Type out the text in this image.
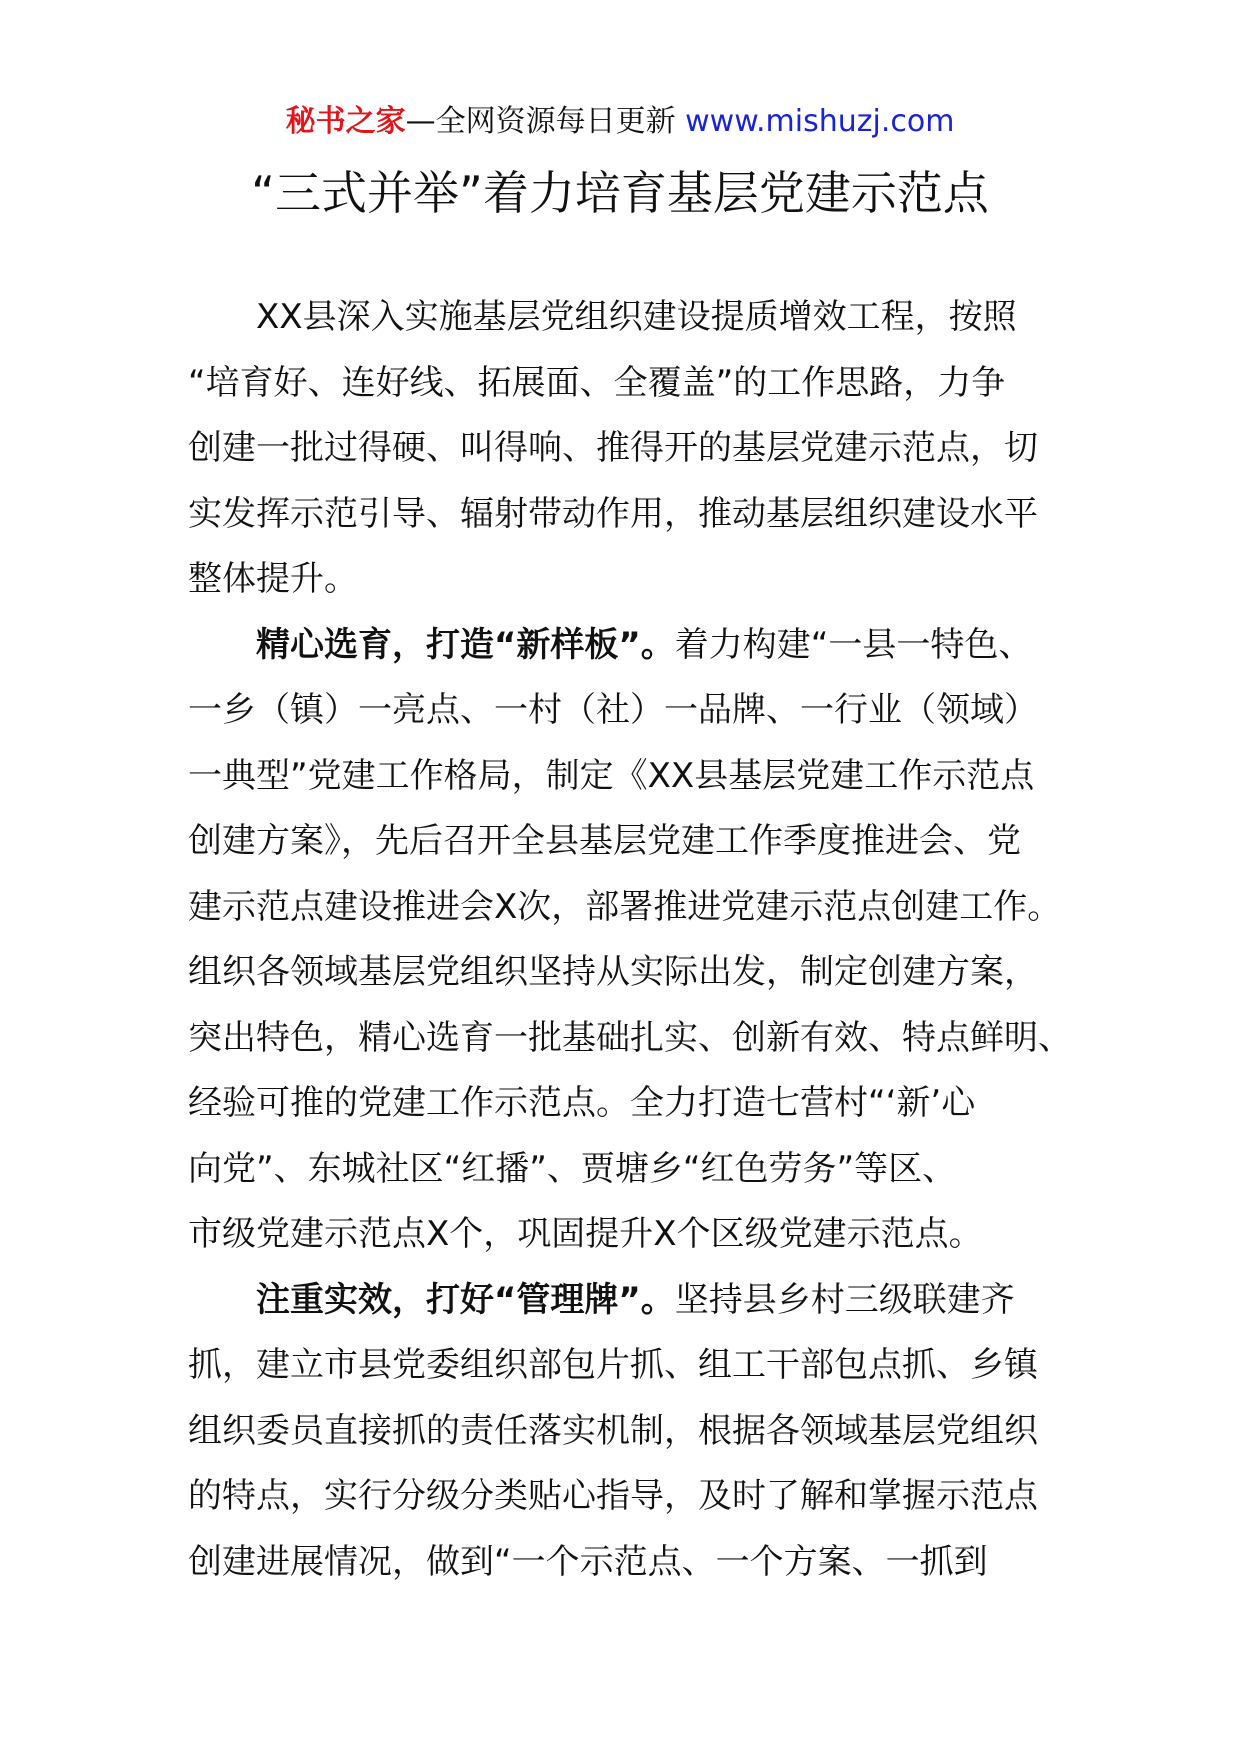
秘书之家—全网资源每日更新 www.mishuzj.com
“三式并举”着力培育基层党建示范点
XX县深入实施基层党组织建设提质增效工程，按照
“培育好、连好线、拓展面、全覆盖”的工作思路，力争
创建一批过得硬、叫得响、推得开的基层党建示范点，切
实发挥示范引导、辐射带动作用，推动基层组织建设水平
整体提升。
精心选育，打造“新样板”。着力构建“一县一特色、
一乡（镇）一亮点、一村（社）一品牌、一行业（领域）
一典型”党建工作格局，制定《XX县基层党建工作示范点
创建方案》，先后召开全县基层党建工作季度推进会、党
建示范点建设推进会X次，部署推进党建示范点创建工作。
组织各领域基层党组织坚持从实际出发，制定创建方案，
突出特色，精心选育一批基础扎实、创新有效、特点鲜明、
经验可推的党建工作示范点。全力打造七营村“‘新’心
向党”、东城社区“红播”、贾塘乡“红色劳务”等区、
市级党建示范点X个，巩固提升X个区级党建示范点。
注重实效，打好“管理牌”。坚持县乡村三级联建齐
抓，建立市县党委组织部包片抓、组工干部包点抓、乡镇
组织委员直接抓的责任落实机制，根据各领域基层党组织
的特点，实行分级分类贴心指导，及时了解和掌握示范点
创建进展情况，做到“一个示范点、一个方案、一抓到
